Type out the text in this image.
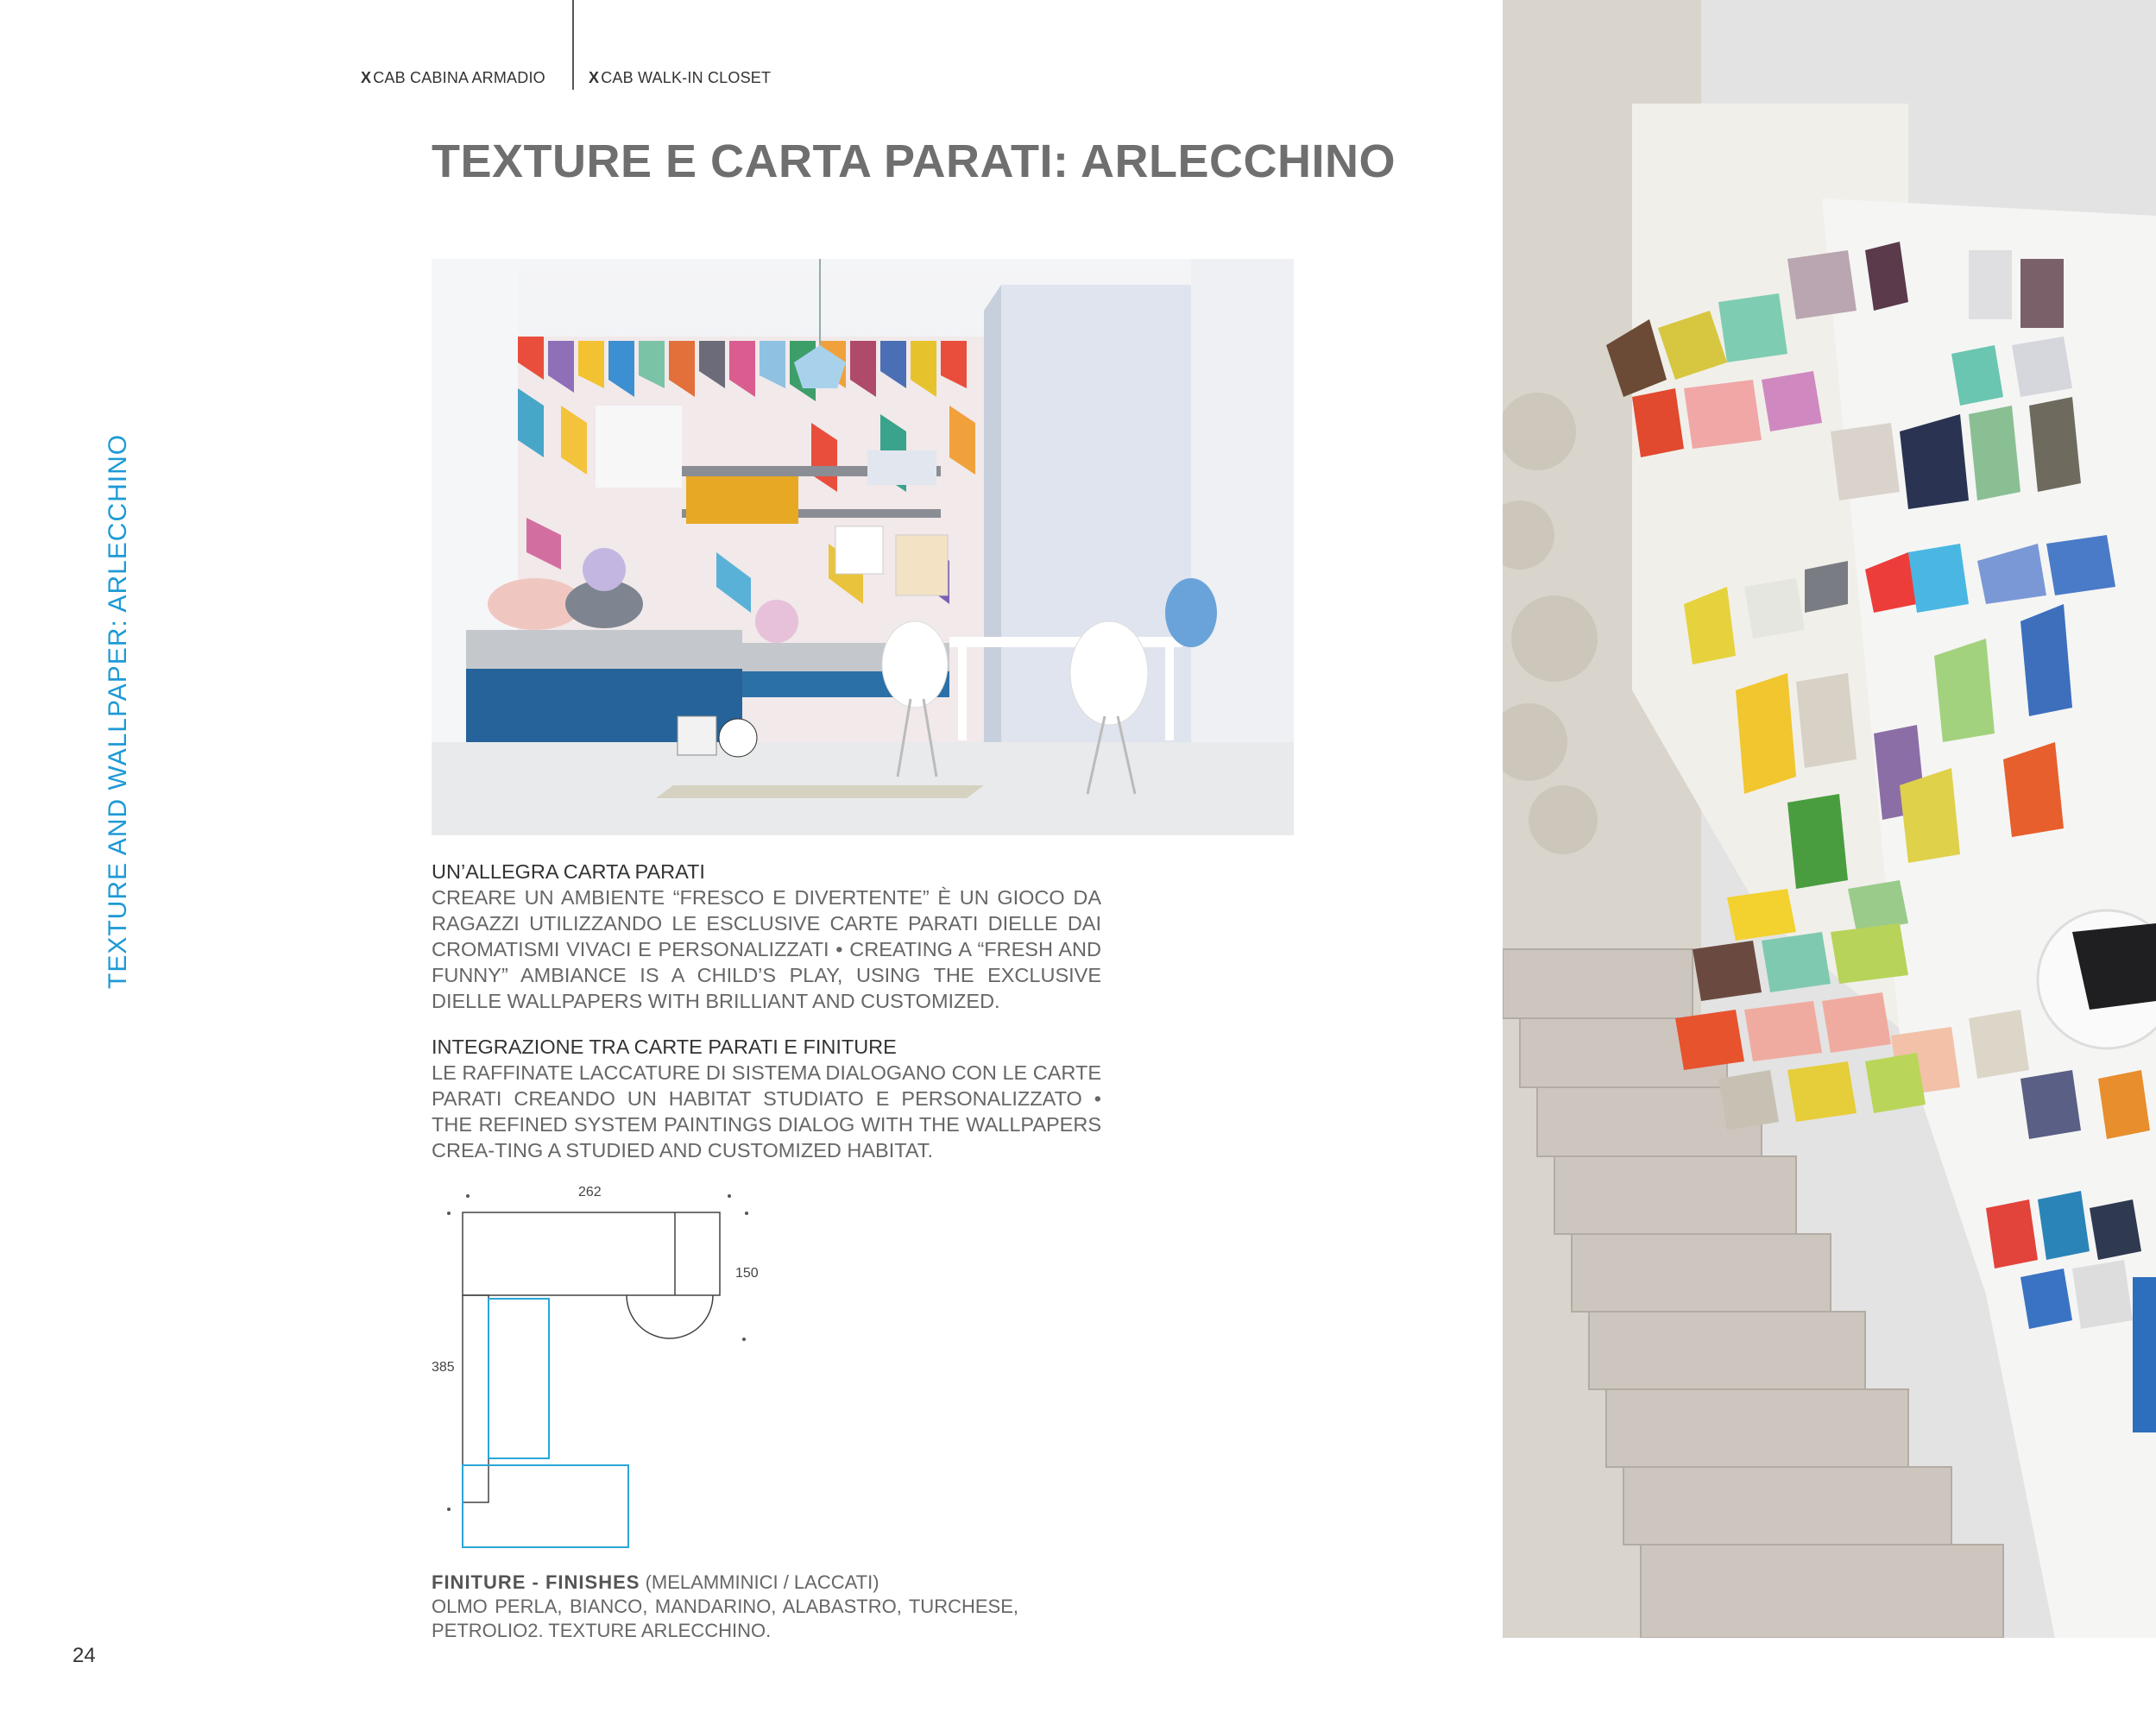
X CAB CABINA ARMADIO	X CAB WALK-IN CLOSET
TEXTURE E CARTA PARATI: ARLECCHINO
TEXTURE AND WALLPAPER: ARLECCHINO	UN’ALLEGRA CARTA PARATI

CREARE UN AMBIENTE “FRESCO E DIVERTENTE” È UN GIOCO DA RAGAZZI UTILIZZANDO LE ESCLUSIVE CARTE PARATI DIELLE DAI CROMATISMI VIVACI E PERSONALIZZATI • CREATING A “FRESH AND FUNNY” AMBIANCE IS A CHILD’S PLAY, USING THE EXCLUSIVE DIELLE WALLPAPERS WITH BRILLIANT AND CUSTOMIZED.

INTEGRAZIONE TRA CARTE PARATI E FINITURE

LE RAFFINATE LACCATURE DI SISTEMA DIALOGANO CON LE CARTE PARATI CREANDO UN HABITAT STUDIATO E PERSONALIZZATO • THE REFINED SYSTEM PAINTINGS DIALOG WITH THE WALLPAPERS CREA-TING A STUDIED AND CUSTOMIZED HABITAT.

262
150
385
FINITURE - FINISHES (MELAMMINICI / LACCATI)
OLMO PERLA, BIANCO, MANDARINO, ALABASTRO, TURCHESE, PETROLIO2. TEXTURE ARLECCHINO.
24
